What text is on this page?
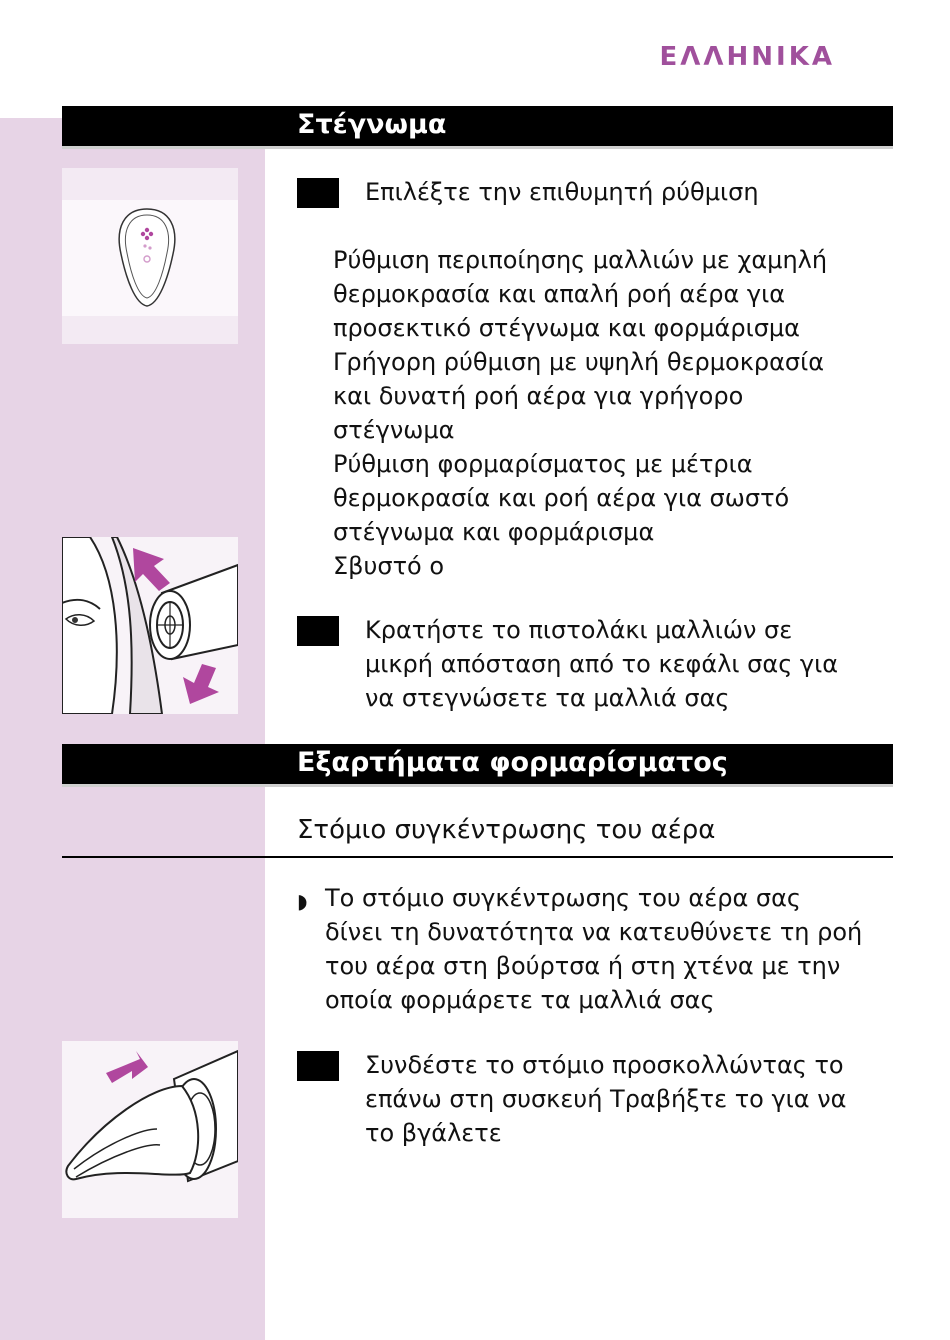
ΕΛΛΗΝΙΚΑ
Στέγνωμα
Επιλέξτε την επιθυμητή ρύθμιση
Ρύθμιση περιποίησης μαλλιών με χαμηλή
θερμοκρασία και απαλή ροή αέρα για
προσεκτικό στέγνωμα και φορμάρισμα
Γρήγορη ρύθμιση με υψηλή θερμοκρασία
και δυνατή ροή αέρα για γρήγορο
στέγνωμα
Ρύθμιση φορμαρίσματος με μέτρια
θερμοκρασία και ροή αέρα για σωστό
στέγνωμα και φορμάρισμα
Σβυστό ο
Κρατήστε το πιστολάκι μαλλιών σε
μικρή απόσταση από το κεφάλι σας για
να στεγνώσετε τα μαλλιά σας
Εξαρτήματα φορμαρίσματος
Στόμιο συγκέντρωσης του αέρα
◗ Το στόμιο συγκέντρωσης του αέρα σας
δίνει τη δυνατότητα να κατευθύνετε τη ροή
του αέρα στη βούρτσα ή στη χτένα με την
οποία φορμάρετε τα μαλλιά σας
Συνδέστε το στόμιο προσκολλώντας το
επάνω στη συσκευή Τραβήξτε το για να
το βγάλετε
